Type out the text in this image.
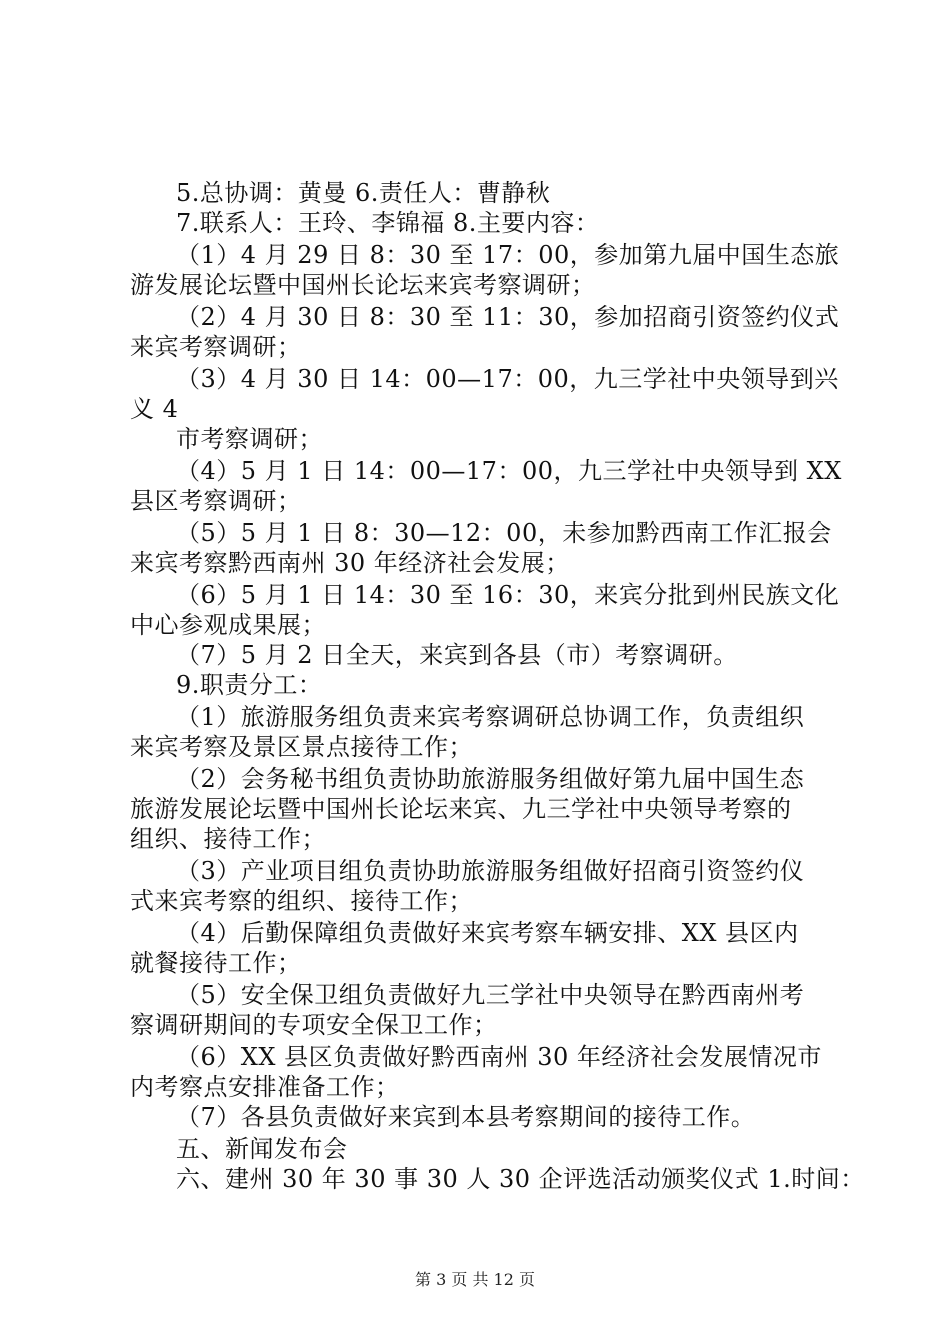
5.总协调：黄曼 6.责任人：曹静秋
7.联系人：王玲、李锦福 8.主要内容：
（1）4 月 29 日 8：30 至 17：00，参加第九届中国生态旅
游发展论坛暨中国州长论坛来宾考察调研；
（2）4 月 30 日 8：30 至 11：30，参加招商引资签约仪式
来宾考察调研；
（3）4 月 30 日 14：00—17：00，九三学社中央领导到兴
义 4
市考察调研；
（4）5 月 1 日 14：00—17：00，九三学社中央领导到 XX
县区考察调研；
（5）5 月 1 日 8：30—12：00，未参加黔西南工作汇报会
来宾考察黔西南州 30 年经济社会发展；
（6）5 月 1 日 14：30 至 16：30，来宾分批到州民族文化
中心参观成果展；
（7）5 月 2 日全天，来宾到各县（市）考察调研。
9.职责分工：
（1）旅游服务组负责来宾考察调研总协调工作，负责组织
来宾考察及景区景点接待工作；
（2）会务秘书组负责协助旅游服务组做好第九届中国生态
旅游发展论坛暨中国州长论坛来宾、九三学社中央领导考察的
组织、接待工作；
（3）产业项目组负责协助旅游服务组做好招商引资签约仪
式来宾考察的组织、接待工作；
（4）后勤保障组负责做好来宾考察车辆安排、XX 县区内
就餐接待工作；
（5）安全保卫组负责做好九三学社中央领导在黔西南州考
察调研期间的专项安全保卫工作；
（6）XX 县区负责做好黔西南州 30 年经济社会发展情况市
内考察点安排准备工作；
（7）各县负责做好来宾到本县考察期间的接待工作。
五、新闻发布会
六、建州 30 年 30 事 30 人 30 企评选活动颁奖仪式 1.时间：
第 3 页 共 12 页
